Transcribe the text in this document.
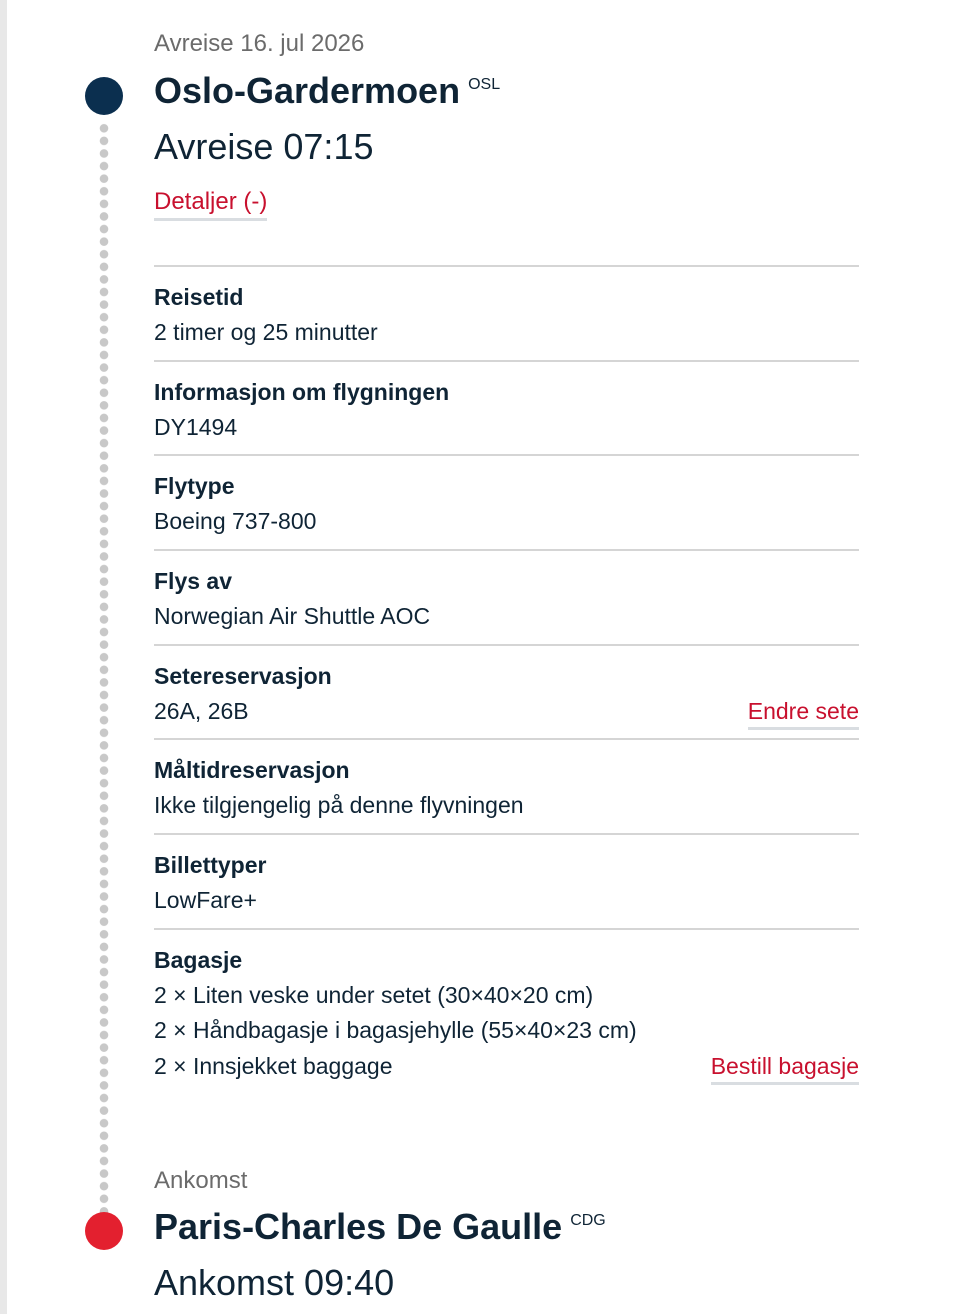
Avreise 16. jul 2026
Oslo-Gardermoen $^{OSL}$
Avreise 07:15
Detaljer (-)
Reisetid
2 timer og 25 minutter
Informasjon om flygningen
DY1494
Flytype
Boeing 737-800
Flys av
Norwegian Air Shuttle AOC
Setereservasjon
26A, 26B	Endre sete
Måltidreservasjon
Ikke tilgjengelig på denne flyvningen
Billettyper
LowFare+
Bagasje
2 × Liten veske under setet (30×40×20 cm)
2 × Håndbagasje i bagasjehylle (55×40×23 cm)
2 × Innsjekket baggage	Bestill bagasje
Ankomst
Paris-Charles De Gaulle $^{CDG}$
Ankomst 09:40
